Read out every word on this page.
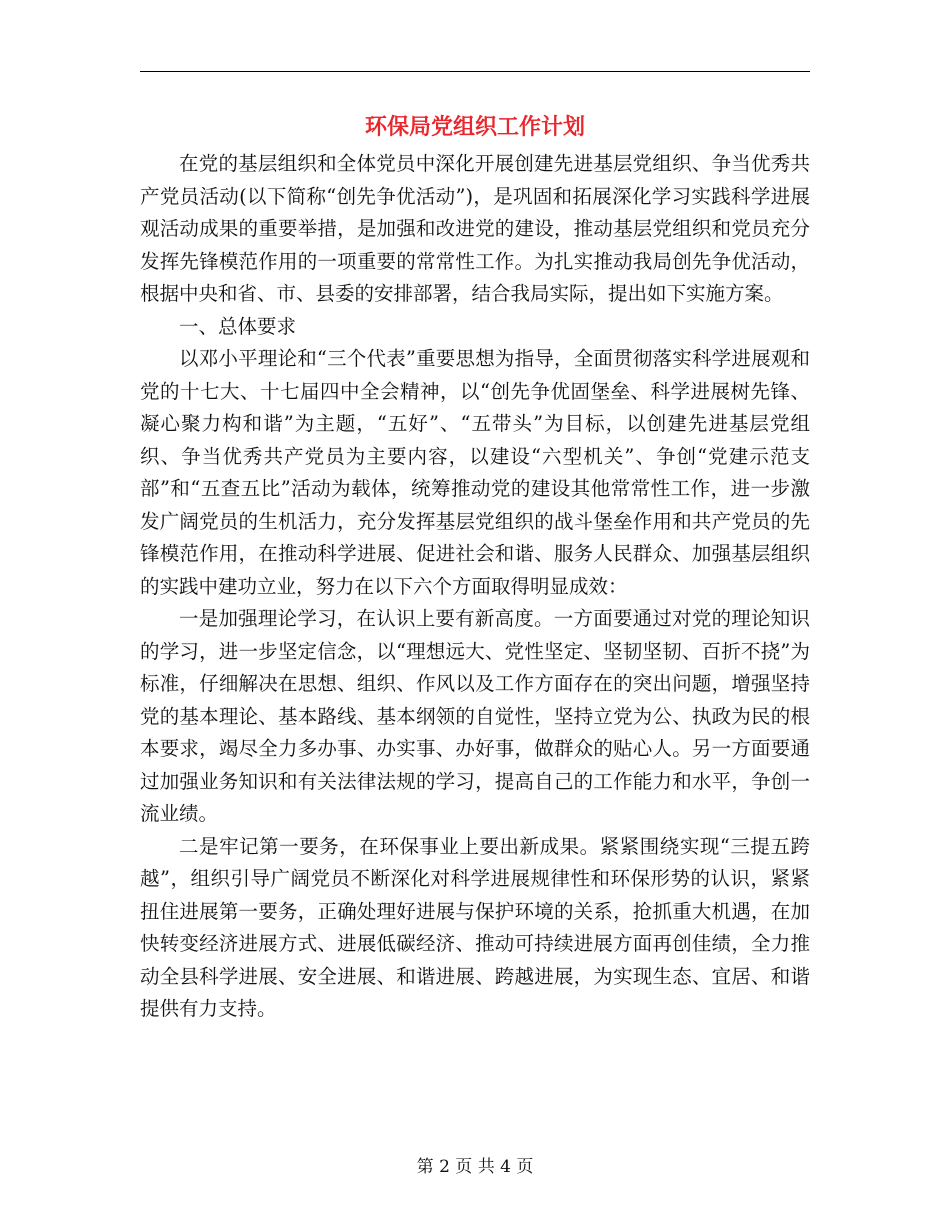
环保局党组织工作计划

在党的基层组织和全体党员中深化开展创建先进基层党组织、争当优秀共产党员活动(以下简称“创先争优活动”)，是巩固和拓展深化学习实践科学进展观活动成果的重要举措，是加强和改进党的建设，推动基层党组织和党员充分发挥先锋模范作用的一项重要的常常性工作。为扎实推动我局创先争优活动，根据中央和省、市、县委的安排部署，结合我局实际，提出如下实施方案。

一、总体要求

以邓小平理论和“三个代表”重要思想为指导，全面贯彻落实科学进展观和党的十七大、十七届四中全会精神，以“创先争优固堡垒、科学进展树先锋、凝心聚力构和谐”为主题，“五好”、“五带头”为目标，以创建先进基层党组织、争当优秀共产党员为主要内容，以建设“六型机关”、争创“党建示范支部”和“五查五比”活动为载体，统筹推动党的建设其他常常性工作，进一步激发广阔党员的生机活力，充分发挥基层党组织的战斗堡垒作用和共产党员的先锋模范作用，在推动科学进展、促进社会和谐、服务人民群众、加强基层组织的实践中建功立业，努力在以下六个方面取得明显成效：

一是加强理论学习，在认识上要有新高度。一方面要通过对党的理论知识的学习，进一步坚定信念，以“理想远大、党性坚定、坚韧坚韧、百折不挠”为标准，仔细解决在思想、组织、作风以及工作方面存在的突出问题，增强坚持党的基本理论、基本路线、基本纲领的自觉性，坚持立党为公、执政为民的根本要求，竭尽全力多办事、办实事、办好事，做群众的贴心人。另一方面要通过加强业务知识和有关法律法规的学习，提高自己的工作能力和水平，争创一流业绩。

二是牢记第一要务，在环保事业上要出新成果。紧紧围绕实现“三提五跨越”，组织引导广阔党员不断深化对科学进展规律性和环保形势的认识，紧紧扭住进展第一要务，正确处理好进展与保护环境的关系，抢抓重大机遇，在加快转变经济进展方式、进展低碳经济、推动可持续进展方面再创佳绩，全力推动全县科学进展、安全进展、和谐进展、跨越进展，为实现生态、宜居、和谐提供有力支持。

第 2 页 共 4 页
